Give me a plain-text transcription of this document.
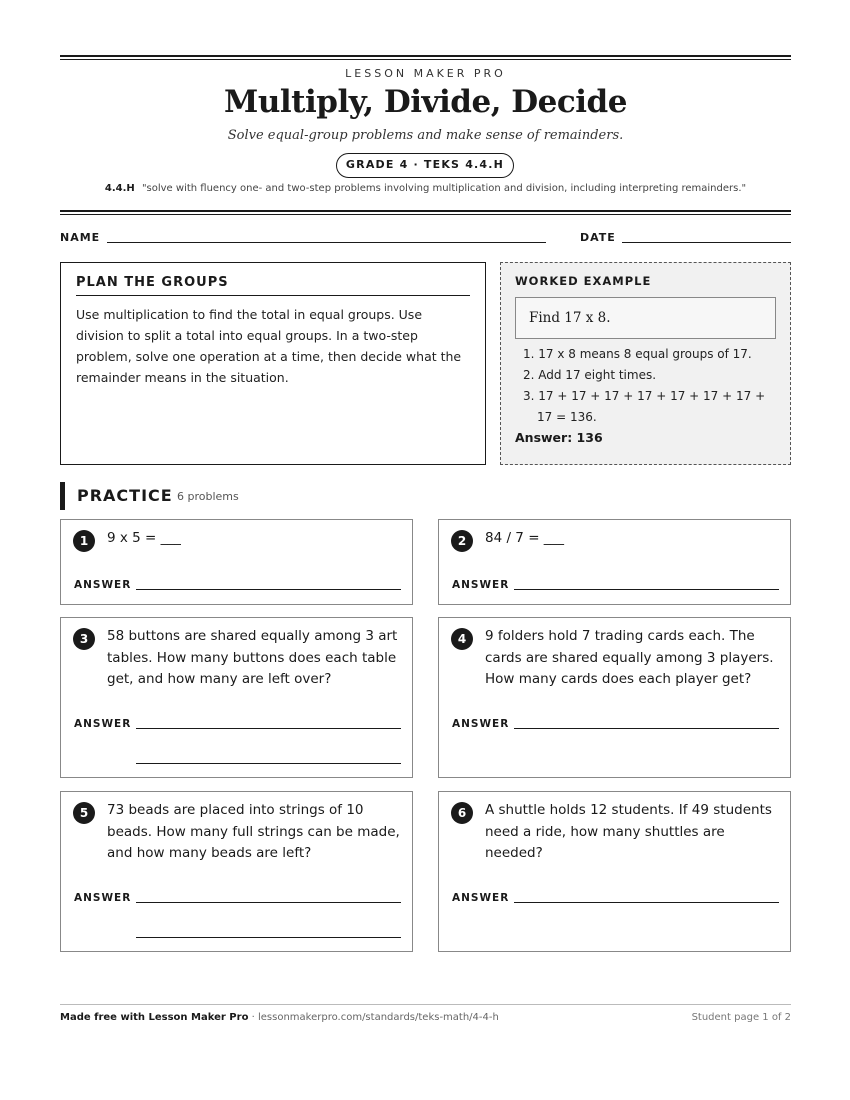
LESSON MAKER PRO
Multiply, Divide, Decide
Solve equal-group problems and make sense of remainders.
GRADE 4 · TEKS 4.4.H
4.4.H "solve with fluency one- and two-step problems involving multiplication and division, including interpreting remainders."
NAME	DATE
PLAN THE GROUPS
Use multiplication to find the total in equal groups. Use division to split a total into equal groups. In a two-step problem, solve one operation at a time, then decide what the remainder means in the situation.
WORKED EXAMPLE
Find 17 x 8.
1. 17 x 8 means 8 equal groups of 17.
2. Add 17 eight times.
3. 17 + 17 + 17 + 17 + 17 + 17 + 17 + 17 = 136.
Answer: 136
PRACTICE 6 problems
1	9 x 5 = ___
ANSWER
2	84 / 7 = ___
ANSWER
3	58 buttons are shared equally among 3 art tables. How many buttons does each table get, and how many are left over?
ANSWER
4	9 folders hold 7 trading cards each. The cards are shared equally among 3 players. How many cards does each player get?
ANSWER
5	73 beads are placed into strings of 10 beads. How many full strings can be made, and how many beads are left?
ANSWER
6	A shuttle holds 12 students. If 49 students need a ride, how many shuttles are needed?
ANSWER
Made free with Lesson Maker Pro · lessonmakerpro.com/standards/teks-math/4-4-h	Student page 1 of 2
